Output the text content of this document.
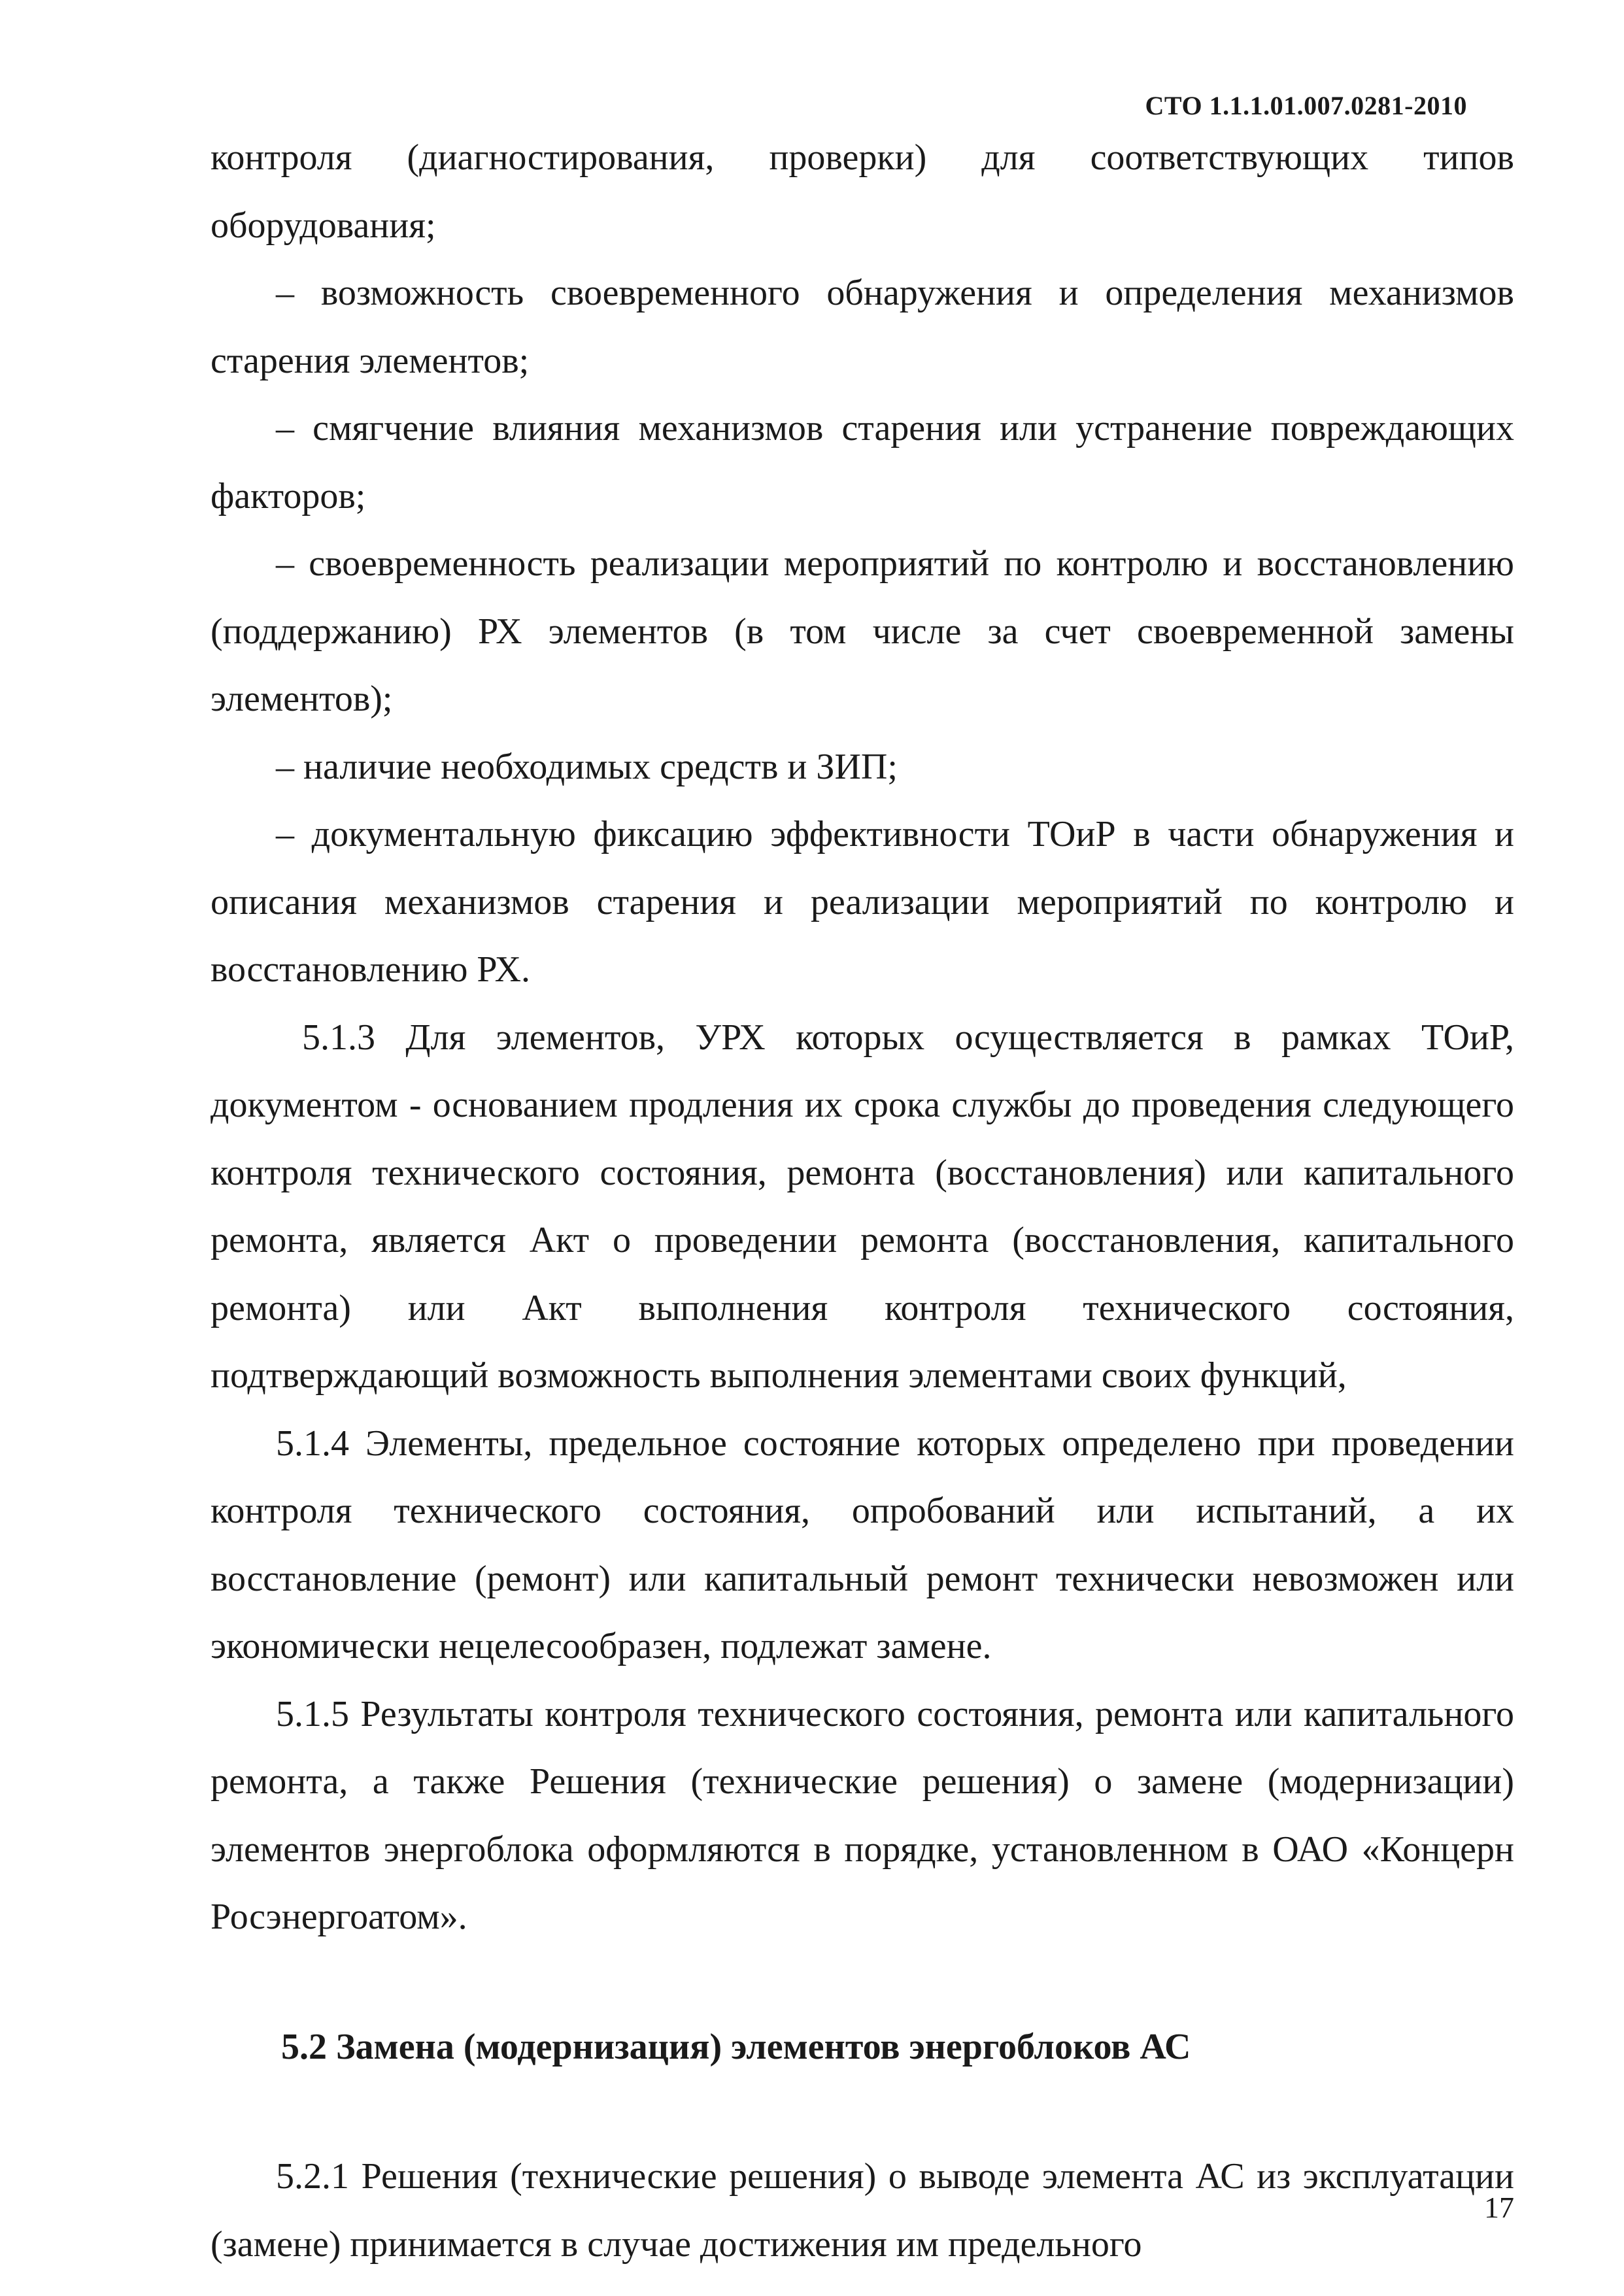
СТО 1.1.1.01.007.0281-2010

контроля (диагностирования, проверки) для соответствующих типов оборудования;

– возможность своевременного обнаружения и определения механизмов старения элементов;

– смягчение влияния механизмов старения или устранение повреждающих факторов;

– своевременность реализации мероприятий по контролю и восстановлению (поддержанию) РХ элементов (в том числе за счет своевременной замены элементов);

– наличие необходимых средств и ЗИП;

– документальную фиксацию эффективности ТОиР в части обнаружения и описания механизмов старения и реализации мероприятий по контролю и восстановлению РХ.

5.1.3 Для элементов, УРХ которых осуществляется в рамках ТОиР, документом - основанием продления их срока службы до проведения следующего контроля технического состояния, ремонта (восстановления) или капитального ремонта, является Акт о проведении ремонта (восстановления, капитального ремонта) или Акт выполнения контроля технического состояния, подтверждающий возможность выполнения элементами своих функций,

5.1.4 Элементы, предельное состояние которых определено при проведении контроля технического состояния, опробований или испытаний, а их восстановление (ремонт) или капитальный ремонт технически невозможен или экономически нецелесообразен, подлежат замене.

5.1.5 Результаты контроля технического состояния, ремонта или капитального ремонта, а также Решения (технические решения) о замене (модернизации) элементов энергоблока оформляются в порядке, установленном в ОАО «Концерн Росэнергоатом».

5.2 Замена (модернизация) элементов энергоблоков АС

5.2.1 Решения (технические решения) о выводе элемента АС из эксплуатации (замене) принимается в случае достижения им предельного

17
